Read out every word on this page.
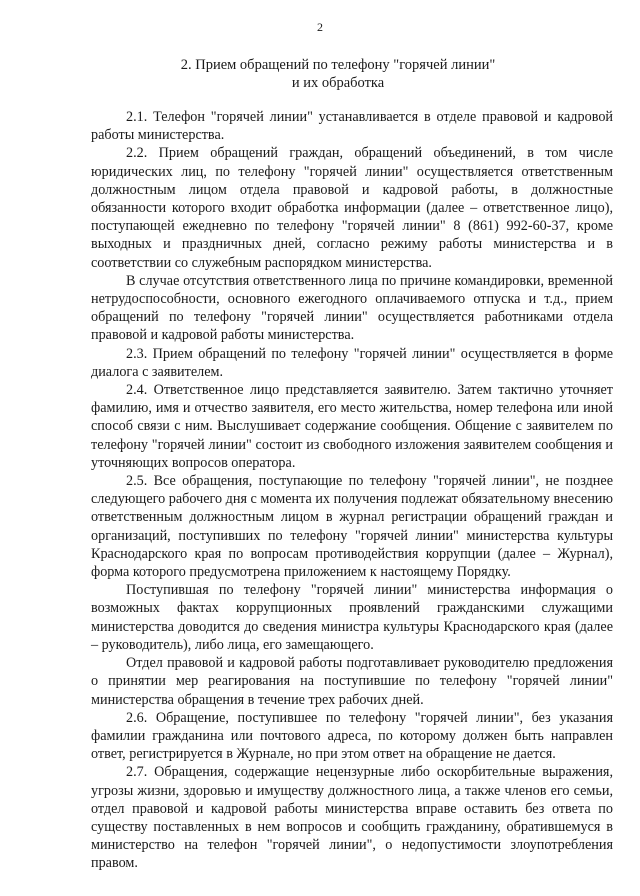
2
2. Прием обращений по телефону "горячей линии"
и их обработка

2.1. Телефон "горячей линии" устанавливается в отделе правовой и кадровой работы министерства.

2.2. Прием обращений граждан, обращений объединений, в том числе юридических лиц, по телефону "горячей линии" осуществляется ответственным должностным лицом отдела правовой и кадровой работы, в должностные обязанности которого входит обработка информации (далее – ответственное лицо), поступающей ежедневно по телефону "горячей линии" 8 (861) 992-60-37, кроме выходных и праздничных дней, согласно режиму работы министерства и в соответствии со служебным распорядком министерства.

В случае отсутствия ответственного лица по причине командировки, временной нетрудоспособности, основного ежегодного оплачиваемого отпуска и т.д., прием обращений по телефону "горячей линии" осуществляется работниками отдела правовой и кадровой работы министерства.

2.3. Прием обращений по телефону "горячей линии" осуществляется в форме диалога с заявителем.

2.4. Ответственное лицо представляется заявителю. Затем тактично уточняет фамилию, имя и отчество заявителя, его место жительства, номер телефона или иной способ связи с ним. Выслушивает содержание сообщения. Общение с заявителем по телефону "горячей линии" состоит из свободного изложения заявителем сообщения и уточняющих вопросов оператора.

2.5. Все обращения, поступающие по телефону "горячей линии", не позднее следующего рабочего дня с момента их получения подлежат обязательному внесению ответственным должностным лицом в журнал регистрации обращений граждан и организаций, поступивших по телефону "горячей линии" министерства культуры Краснодарского края по вопросам противодействия коррупции (далее – Журнал), форма которого предусмотрена приложением к настоящему Порядку.

Поступившая по телефону "горячей линии" министерства информация о возможных фактах коррупционных проявлений гражданскими служащими министерства доводится до сведения министра культуры Краснодарского края (далее – руководитель), либо лица, его замещающего.

Отдел правовой и кадровой работы подготавливает руководителю предложения о принятии мер реагирования на поступившие по телефону "горячей линии" министерства обращения в течение трех рабочих дней.

2.6. Обращение, поступившее по телефону "горячей линии", без указания фамилии гражданина или почтового адреса, по которому должен быть направлен ответ, регистрируется в Журнале, но при этом ответ на обращение не дается.

2.7. Обращения, содержащие нецензурные либо оскорбительные выражения, угрозы жизни, здоровью и имуществу должностного лица, а также членов его семьи, отдел правовой и кадровой работы министерства вправе оставить без ответа по существу поставленных в нем вопросов и сообщить гражданину, обратившемуся в министерство на телефон "горячей линии", о недопустимости злоупотребления правом.
